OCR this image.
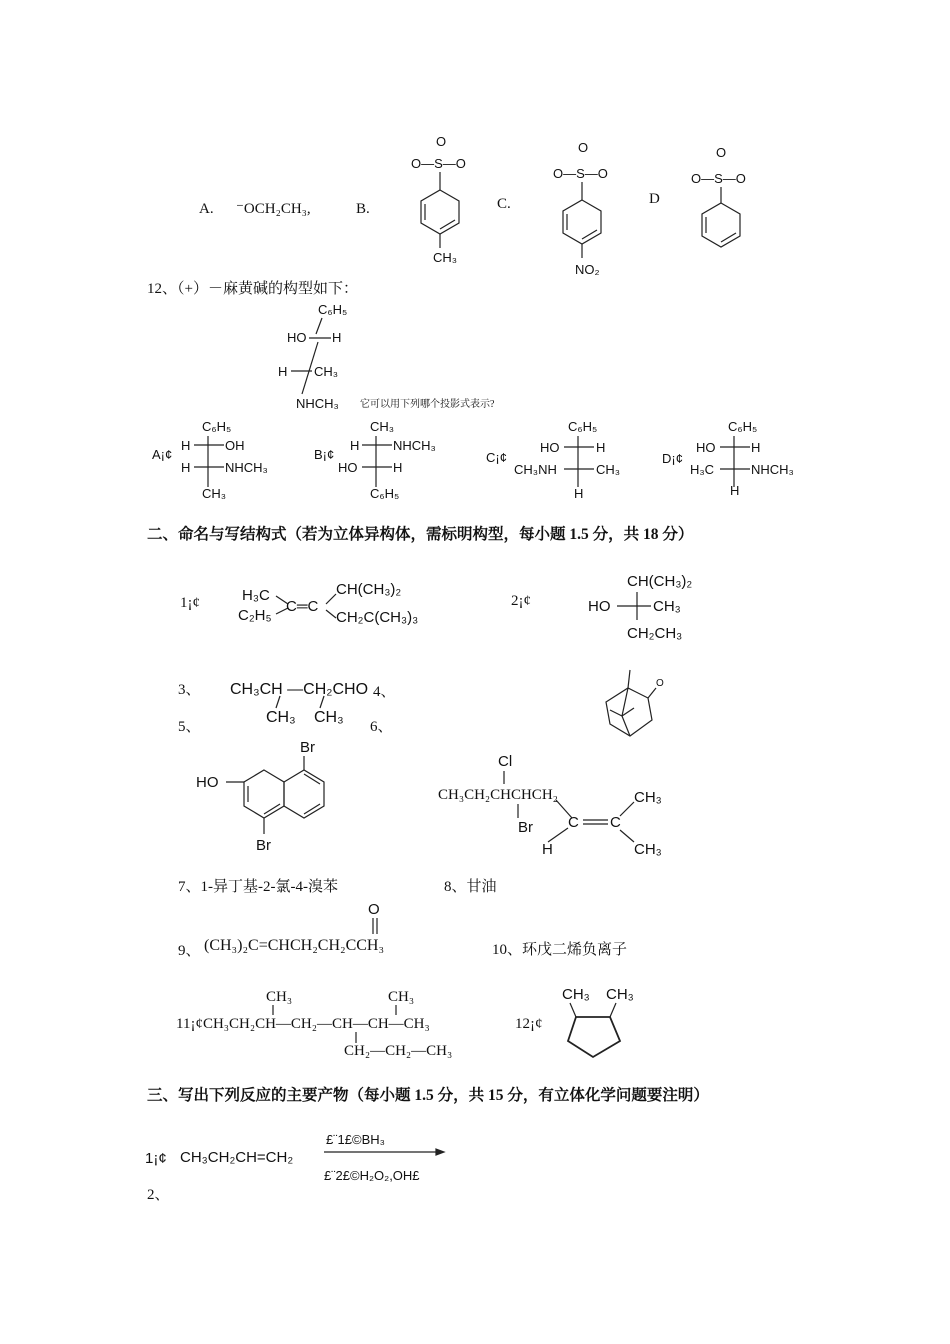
A. ⁻OCH₂CH₃,	B.	C.	D
O
O—S—O
CH₃
O
O—S—O
NO₂
O
O—S—O
12、（+）－麻黄碱的构型如下：
C₆H₅
HO H
H CH₃
NHCH₃ 它可以用下列哪个投影式表示?
A¡¢
C₆H₅
H	OH
H	NHCH₃
CH₃
B¡¢
CH₃
H	NHCH₃
HO	H
C₆H₅
C¡¢
C₆H₅
HO	H
CH₃NH	CH₃
H
D¡¢
C₆H₅
HO	H
H₃C	NHCH₃
H
二、命名与写结构式（若为立体异构体，需标明构型，每小题 1.5 分，共 18 分）
1¡¢	H₃C
C₂H₅
C═C
CH(CH₃)₂
CH₂C(CH₃)₃
2¡¢
CH(CH₃)₂
HO	CH₃
CH₂CH₃
3、 CH₃CH —CH₂CHO
CH₃ CH₃
4、
O
5、
Br
HO
Br
6、
Cl
CH₃CH₂CHCHCH₂
Br C C
H
CH₃
CH₃
7、1-异丁基-2-氯-4-溴苯	8、甘油
9、 (CH₃)₂C=CHCH₂CH₂CCH₃
O
10、环戊二烯负离子
CH₃	CH₃
11¡¢CH₃CH₂CH—CH₂—CH—CH—CH₃
CH₂—CH₂—CH₃
12¡¢
CH₃ CH₃
三、写出下列反应的主要产物（每小题 1.5 分，共 15 分，有立体化学问题要注明）
1¡¢ CH₃CH₂CH=CH₂
£¨1£©BH₃
£¨2£©H₂O₂,OH£
2、
